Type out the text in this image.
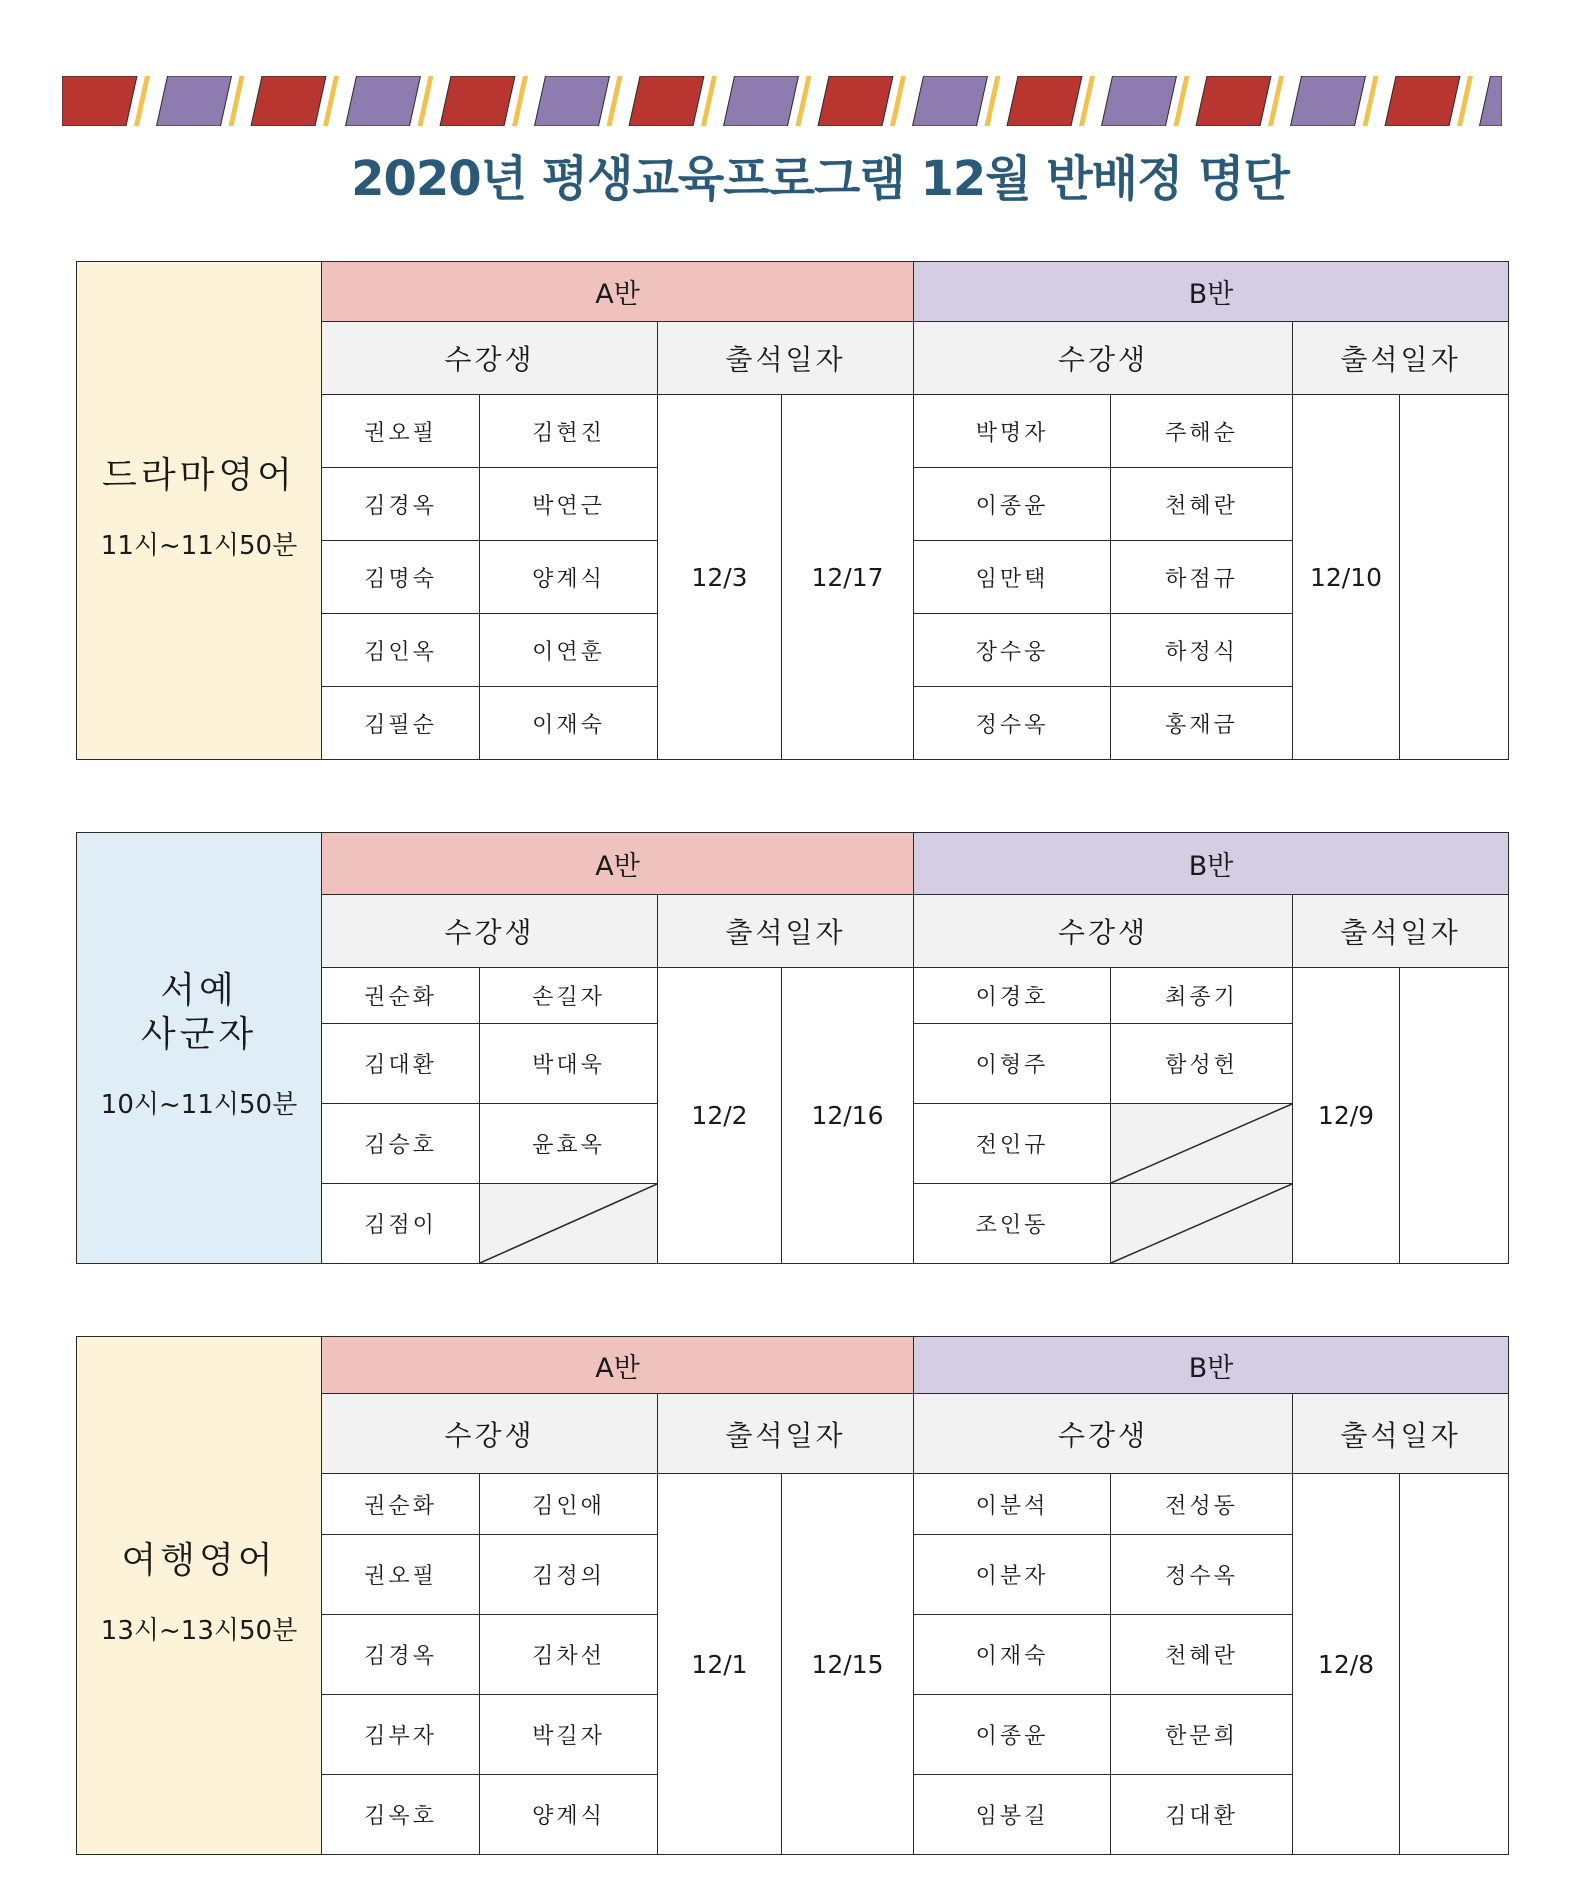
2020년 평생교육프로그램 12월 반배정 명단
드라마영어
11시~11시50분	A반				B반			
	수강생		출석일자		수강생		출석일자	
	권오필	김현진	12/3	12/17	박명자	주해순	12/10	
	김경옥	박연근			이종윤	천혜란		
	김명숙	양계식			임만택	하점규		
	김인옥	이연훈			장수웅	하정식		
	김필순	이재숙			정수옥	홍재금		
서예
사군자
10시~11시50분	A반				B반			
	수강생		출석일자		수강생		출석일자	
	권순화	손길자	12/2	12/16	이경호	최종기	12/9	
	김대환	박대욱			이형주	함성헌		
	김승호	윤효옥			전인규	

	김점이				조인동	
여행영어
13시~13시50분	A반				B반			
	수강생		출석일자		수강생		출석일자	
	권순화	김인애	12/1	12/15	이분석	전성동	12/8	
	권오필	김정의			이분자	정수옥		
	김경옥	김차선			이재숙	천혜란		
	김부자	박길자			이종윤	한문희		
	김옥호	양계식			임봉길	김대환		
